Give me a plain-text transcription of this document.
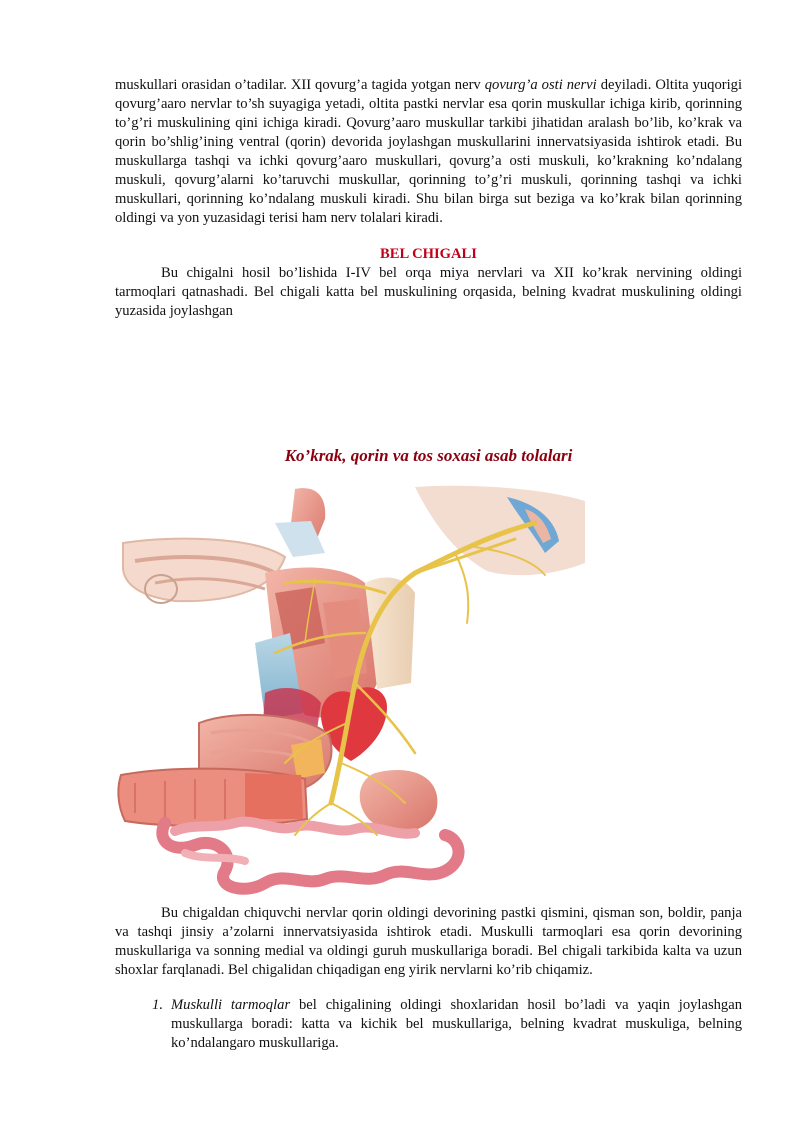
muskullari orasidan o’tadilar. XII qovurg’a tagida yotgan nerv qovurg’a osti nervi deyiladi. Oltita yuqorigi qovurg’aaro nervlar to’sh suyagiga yetadi, oltita pastki nervlar esa qorin muskullar ichiga kirib, qorinning to’g’ri muskulining qini ichiga kiradi. Qovurg’aaro muskullar tarkibi jihatidan aralash bo’lib, ko’krak va qorin bo’shlig’ining ventral (qorin) devorida joylashgan muskullarini innervatsiyasida ishtirok etadi. Bu muskullarga tashqi va ichki qovurg’aaro muskullari, qovurg’a osti muskuli, ko’krakning ko’ndalang muskuli, qovurg’alarni ko’taruvchi muskullar, qorinning to’g’ri muskuli, qorinning tashqi va ichki muskullari, qorinning ko’ndalang muskuli kiradi. Shu bilan birga sut beziga va ko’krak bilan qorinning oldingi va yon yuzasidagi terisi ham nerv tolalari kiradi.

BEL CHIGALI

Bu chigalni hosil bo’lishida I-IV bel orqa miya nervlari va XII ko’krak nervining oldingi tarmoqlari qatnashadi. Bel chigali katta bel muskulining orqasida, belning kvadrat muskulining oldingi yuzasida joylashgan

Ko’krak, qorin va tos soxasi asab tolalari

Bu chigaldan chiquvchi nervlar qorin oldingi devorining pastki qismini, qisman son, boldir, panja va tashqi jinsiy a’zolarni innervatsiyasida ishtirok etadi. Muskulli tarmoqlari esa qorin devorining muskullariga va sonning medial va oldingi guruh muskullariga boradi. Bel chigali tarkibida kalta va uzun shoxlar farqlanadi. Bel chigalidan chiqadigan eng yirik nervlarni ko’rib chiqamiz.

1. Muskulli tarmoqlar bel chigalining oldingi shoxlaridan hosil bo’ladi va yaqin joylashgan muskullarga boradi: katta va kichik bel muskullariga, belning kvadrat muskuliga, belning ko’ndalangaro muskullariga.
